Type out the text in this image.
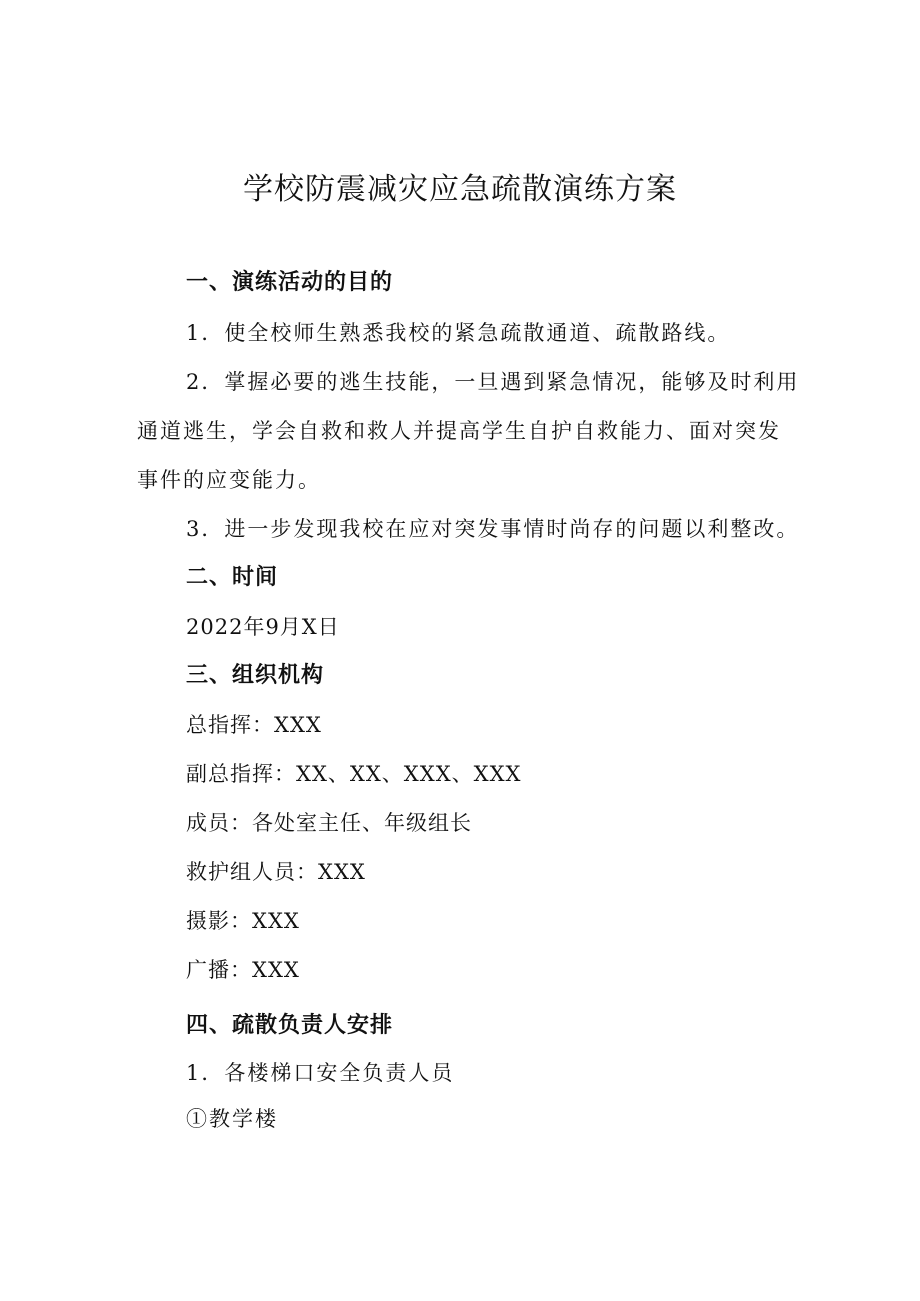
学校防震减灾应急疏散演练方案
一、演练活动的目的
1．使全校师生熟悉我校的紧急疏散通道、疏散路线。
2．掌握必要的逃生技能，一旦遇到紧急情况，能够及时利用
通道逃生，学会自救和救人并提高学生自护自救能力、面对突发
事件的应变能力。
3．进一步发现我校在应对突发事情时尚存的问题以利整改。
二、时间
2022年9月X日
三、组织机构
总指挥：XXX
副总指挥：XX、XX、XXX、XXX
成员：各处室主任、年级组长
救护组人员：XXX
摄影：XXX
广播：XXX
四、疏散负责人安排
1．各楼梯口安全负责人员
①教学楼
